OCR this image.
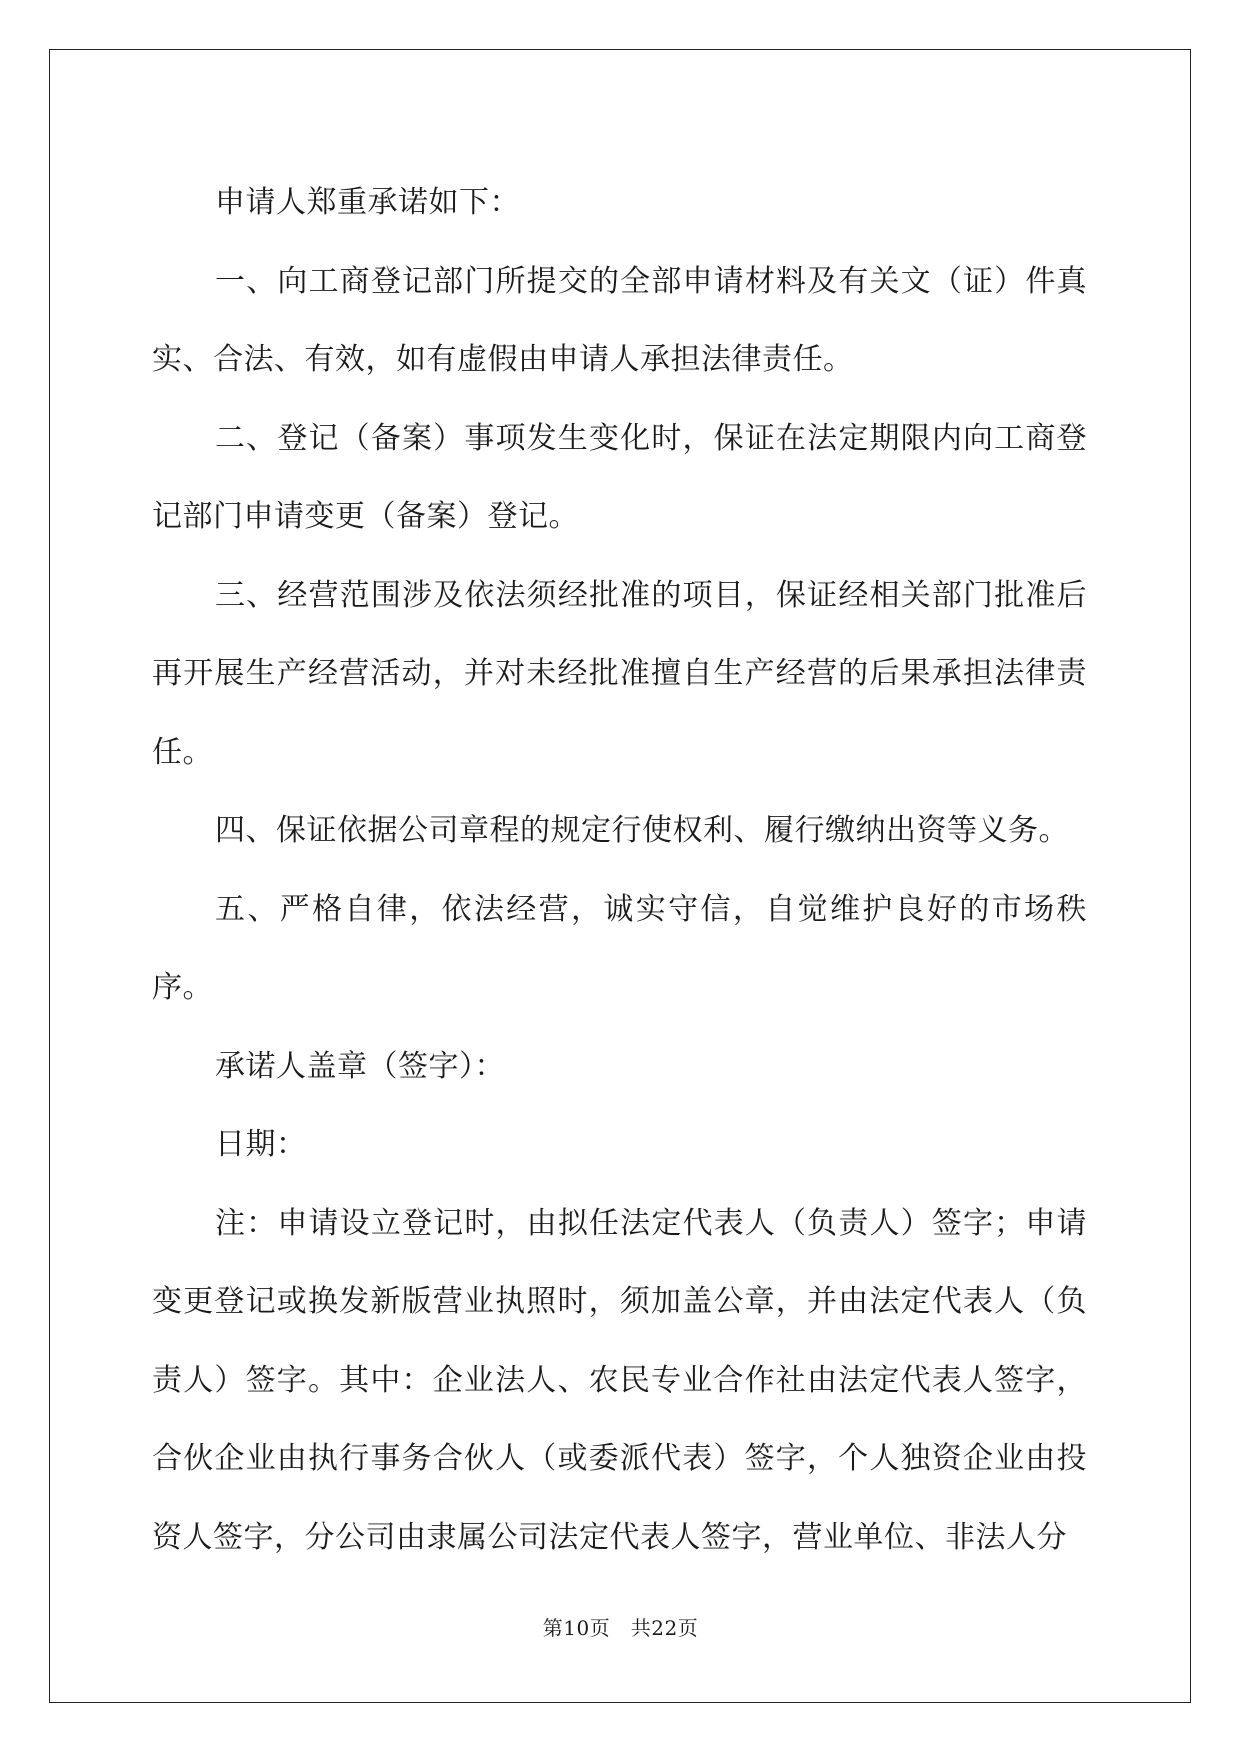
申请人郑重承诺如下：

一、向工商登记部门所提交的全部申请材料及有关文（证）件真实、合法、有效，如有虚假由申请人承担法律责任。

二、登记（备案）事项发生变化时，保证在法定期限内向工商登记部门申请变更（备案）登记。

三、经营范围涉及依法须经批准的项目，保证经相关部门批准后再开展生产经营活动，并对未经批准擅自生产经营的后果承担法律责任。

四、保证依据公司章程的规定行使权利、履行缴纳出资等义务。

五、严格自律，依法经营，诚实守信，自觉维护良好的市场秩序。

承诺人盖章（签字）：

日期：

注：申请设立登记时，由拟任法定代表人（负责人）签字；申请变更登记或换发新版营业执照时，须加盖公章，并由法定代表人（负责人）签字。其中：企业法人、农民专业合作社由法定代表人签字，合伙企业由执行事务合伙人（或委派代表）签字，个人独资企业由投资人签字，分公司由隶属公司法定代表人签字，营业单位、非法人分

第10页　共22页
